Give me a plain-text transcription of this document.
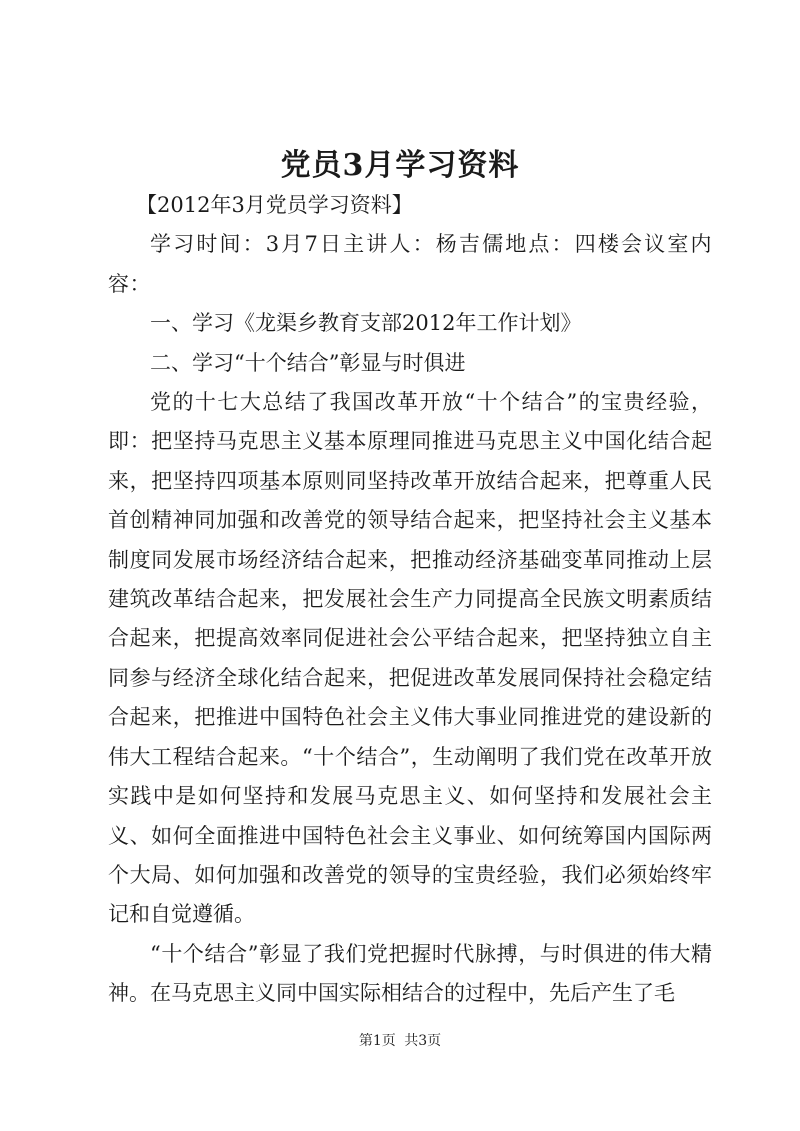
党员3月学习资料

【2012年3月党员学习资料】

学习时间：3月7日主讲人：杨吉儒地点：四楼会议室内容：

一、学习《龙渠乡教育支部2012年工作计划》

二、学习“十个结合”彰显与时俱进

党的十七大总结了我国改革开放“十个结合”的宝贵经验，即：把坚持马克思主义基本原理同推进马克思主义中国化结合起来，把坚持四项基本原则同坚持改革开放结合起来，把尊重人民首创精神同加强和改善党的领导结合起来，把坚持社会主义基本制度同发展市场经济结合起来，把推动经济基础变革同推动上层建筑改革结合起来，把发展社会生产力同提高全民族文明素质结合起来，把提高效率同促进社会公平结合起来，把坚持独立自主同参与经济全球化结合起来，把促进改革发展同保持社会稳定结合起来，把推进中国特色社会主义伟大事业同推进党的建设新的伟大工程结合起来。“十个结合”，生动阐明了我们党在改革开放实践中是如何坚持和发展马克思主义、如何坚持和发展社会主义、如何全面推进中国特色社会主义事业、如何统筹国内国际两个大局、如何加强和改善党的领导的宝贵经验，我们必须始终牢记和自觉遵循。

“十个结合”彰显了我们党把握时代脉搏，与时俱进的伟大精神。在马克思主义同中国实际相结合的过程中，先后产生了毛

第1页 共3页
